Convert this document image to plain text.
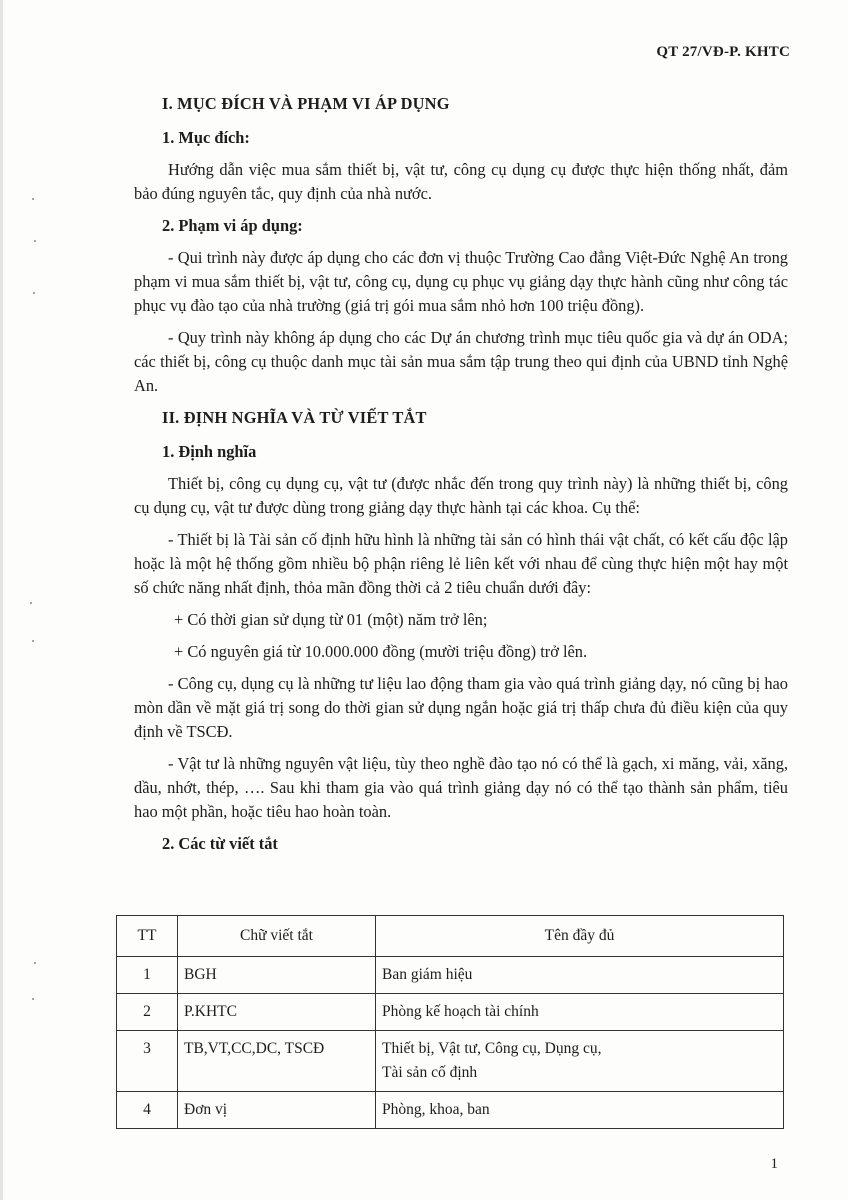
QT 27/VĐ-P. KHTC
I. MỤC ĐÍCH VÀ PHẠM VI ÁP DỤNG
1. Mục đích:

Hướng dẫn việc mua sắm thiết bị, vật tư, công cụ dụng cụ được thực hiện thống nhất, đảm bảo đúng nguyên tắc, quy định của nhà nước.

2. Phạm vi áp dụng:

- Qui trình này được áp dụng cho các đơn vị thuộc Trường Cao đẳng Việt-Đức Nghệ An trong phạm vi mua sắm thiết bị, vật tư, công cụ, dụng cụ phục vụ giảng dạy thực hành cũng như công tác phục vụ đào tạo của nhà trường (giá trị gói mua sắm nhỏ hơn 100 triệu đồng).

- Quy trình này không áp dụng cho các Dự án chương trình mục tiêu quốc gia và dự án ODA; các thiết bị, công cụ thuộc danh mục tài sản mua sắm tập trung theo qui định của UBND tỉnh Nghệ An.

II. ĐỊNH NGHĨA VÀ TỪ VIẾT TẮT
1. Định nghĩa

Thiết bị, công cụ dụng cụ, vật tư (được nhắc đến trong quy trình này) là những thiết bị, công cụ dụng cụ, vật tư được dùng trong giảng dạy thực hành tại các khoa. Cụ thể:

- Thiết bị là Tài sản cố định hữu hình là những tài sản có hình thái vật chất, có kết cấu độc lập hoặc là một hệ thống gồm nhiều bộ phận riêng lẻ liên kết với nhau để cùng thực hiện một hay một số chức năng nhất định, thỏa mãn đồng thời cả 2 tiêu chuẩn dưới đây:

+ Có thời gian sử dụng từ 01 (một) năm trở lên;

+ Có nguyên giá từ 10.000.000 đồng (mười triệu đồng) trở lên.

- Công cụ, dụng cụ là những tư liệu lao động tham gia vào quá trình giảng dạy, nó cũng bị hao mòn dần về mặt giá trị song do thời gian sử dụng ngắn hoặc giá trị thấp chưa đủ điều kiện của quy định về TSCĐ.

- Vật tư là những nguyên vật liệu, tùy theo nghề đào tạo nó có thể là gạch, xi măng, vải, xăng, dầu, nhớt, thép, …. Sau khi tham gia vào quá trình giảng dạy nó có thể tạo thành sản phẩm, tiêu hao một phần, hoặc tiêu hao hoàn toàn.

2. Các từ viết tắt
TT	Chữ viết tắt	Tên đầy đủ
1	BGH	Ban giám hiệu
2	P.KHTC	Phòng kế hoạch tài chính
3	TB,VT,CC,DC, TSCĐ	Thiết bị, Vật tư, Công cụ, Dụng cụ,
Tài sản cố định

4	Đơn vị	Phòng, khoa, ban
1
